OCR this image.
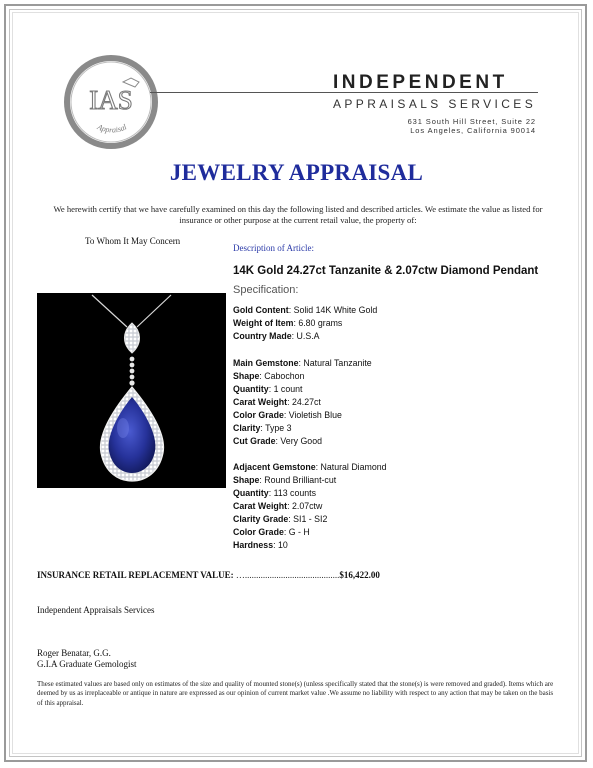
IAS
Appraisal
INDEPENDENT
APPRAISALS SERVICES
631 South Hill Street, Suite 22
Los Angeles, California 90014
JEWELRY APPRAISAL
We herewith certify that we have carefully examined on this day the following listed and described articles. We estimate the value as listed for insurance or other purpose at the current retail value, the property of:
To Whom It May Concern
Description of Article:
14K Gold 24.27ct Tanzanite & 2.07ctw Diamond Pendant
Specification:
Gold Content: Solid 14K White Gold
Weight of Item: 6.80 grams
Country Made: U.S.A
Main Gemstone: Natural Tanzanite
Shape: Cabochon
Quantity: 1 count
Carat Weight: 24.27ct
Color Grade: Violetish Blue
Clarity: Type 3
Cut Grade: Very Good
Adjacent Gemstone: Natural Diamond
Shape: Round Brilliant-cut
Quantity: 113 counts
Carat Weight: 2.07ctw
Clarity Grade: SI1 - SI2
Color Grade: G - H
Hardness: 10
INSURANCE RETAIL REPLACEMENT VALUE: …..........................................$16,422.00
Independent Appraisals Services
Roger Benatar, G.G.
G.I.A Graduate Gemologist
These estimated values are based only on estimates of the size and quality of mounted stone(s) (unless specifically stated that the stone(s) is were removed and graded). Items which are deemed by us as irreplaceable or antique in nature are expressed as our opinion of current market value .We assume no liability with respect to any action that may be taken on the basis of this appraisal.
